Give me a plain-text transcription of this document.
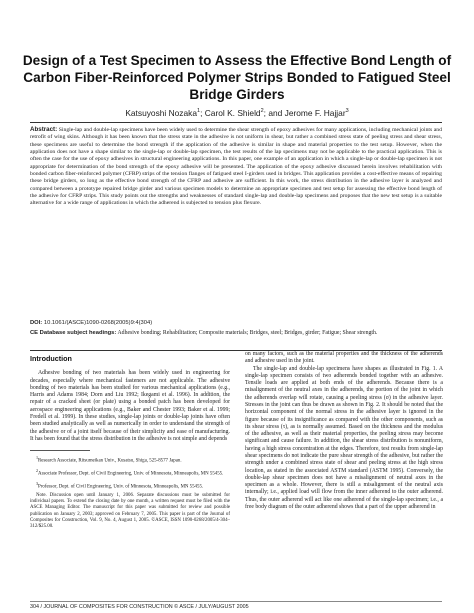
Design of a Test Specimen to Assess the Effective Bond Length of Carbon Fiber-Reinforced Polymer Strips Bonded to Fatigued Steel Bridge Girders
Katsuyoshi Nozaka$^1$; Carol K. Shield$^2$; and Jerome F. Hajjar$^3$
Abstract: Single-lap and double-lap specimens have been widely used to determine the shear strength of epoxy adhesives for many applications, including mechanical joints and retrofit of wing skins. Although it has been known that the stress state in the adhesive is not uniform in shear, but rather a combined stress state of peeling stress and shear stress, these specimens are useful to determine the bond strength if the application of the adhesive is similar in shape and material properties to the test setup. However, when the application does not have a shape similar to the single-lap or double-lap specimen, the test results of the lap specimens may not be applicable to the practical application. This is often the case for the use of epoxy adhesives in structural engineering applications. In this paper, one example of an application in which a single-lap or double-lap specimen is not appropriate for determination of the bond strength of the epoxy adhesive will be presented. The application of the epoxy adhesive discussed herein involves rehabilitation with bonded carbon fiber-reinforced polymer (CFRP) strips of the tension flanges of fatigued steel I-girders used in bridges. This application provides a cost-effective means of repairing these bridge girders, so long as the effective bond strength of the CFRP and adhesive are sufficient. In this work, the stress distribution in the adhesive layer is analyzed and compared between a prototype repaired bridge girder and various specimen models to determine an appropriate specimen and test setup for assessing the effective bond length of the adhesive for CFRP strips. This study points out the strengths and weaknesses of standard single-lap and double-lap specimens and proposes that the new test setup is a suitable alternative for a wide range of applications in which the adherend is subjected to tension plus flexure.
DOI: 10.1061/(ASCE)1090-0268(2005)9:4(304)
CE Database subject headings: Adhesive bonding; Rehabilitation; Composite materials; Bridges, steel; Bridges, girder; Fatigue; Shear strength.
Introduction

Adhesive bonding of two materials has been widely used in engineering for decades, especially where mechanical fasteners are not applicable. The adhesive bonding of two materials has been studied for various mechanical applications (e.g., Harris and Adams 1984; Dorn and Liu 1992; Ikegami et al. 1996). In addition, the repair of a cracked sheet (or plate) using a bonded patch has been developed for aerospace engineering applications (e.g., Baker and Chester 1993; Baker et al. 1999; Fredell et al. 1999). In these studies, single-lap joints or double-lap joints have often been studied analytically as well as numerically in order to understand the strength of the adhesive or of a joint itself because of their simplicity and ease of manufacturing. It has been found that the stress distribution in the adhesive is not simple and depends

$^1$Research Associate, Ritsumeikan Univ., Kusatsu, Shiga, 525-8577 Japan.

$^2$Associate Professor, Dept. of Civil Engineering, Univ. of Minnesota, Minneapolis, MN 55455.

$^3$Professor, Dept. of Civil Engineering, Univ. of Minnesota, Minneapolis, MN 55455.

Note. Discussion open until January 1, 2006. Separate discussions must be submitted for individual papers. To extend the closing date by one month, a written request must be filed with the ASCE Managing Editor. The manuscript for this paper was submitted for review and possible publication on January 2, 2003; approved on February 7, 2005. This paper is part of the Journal of Composites for Construction, Vol. 9, No. 4, August 1, 2005. ©ASCE, ISSN 1090-0268/2005/4-304–312/$25.00.

on many factors, such as the material properties and the thickness of the adherends and adhesive used in the joint.

The single-lap and double-lap specimens have shapes as illustrated in Fig. 1. A single-lap specimen consists of two adherends bonded together with an adhesive. Tensile loads are applied at both ends of the adherends. Because there is a misalignment of the neutral axes in the adherends, the portion of the joint in which the adherends overlap will rotate, causing a peeling stress (σ) in the adhesive layer. Stresses in the joint can thus be drawn as shown in Fig. 2. It should be noted that the horizontal component of the normal stress in the adhesive layer is ignored in the figure because of its insignificance as compared with the other components, such as its shear stress (τ), as is normally assumed. Based on the thickness and the modulus of the adhesive, as well as their material properties, the peeling stress may become significant and cause failure. In addition, the shear stress distribution is nonuniform, having a high stress concentration at the edges. Therefore, test results from single-lap shear specimens do not indicate the pure shear strength of the adhesive, but rather the strength under a combined stress state of shear and peeling stress at the high stress location, as stated in the associated ASTM standard (ASTM 1995). Conversely, the double-lap shear specimen does not have a misalignment of neutral axes in the specimen as a whole. However, there is still a misalignment of the neutral axis internally; i.e., applied load will flow from the inner adherend to the outer adherend. Thus, the outer adherend will act like one adherend of the single-lap specimen; i.e., a free body diagram of the outer adherend shows that a part of the upper adherend in

304 / JOURNAL OF COMPOSITES FOR CONSTRUCTION © ASCE / JULY/AUGUST 2005
